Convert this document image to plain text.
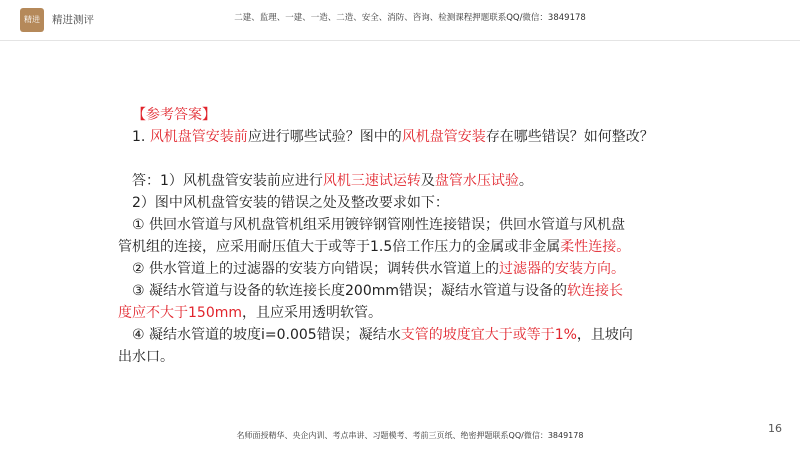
精进	精进测评	二建、监理、一建、一造、二造、安全、消防、咨询、检测课程押题联系QQ/微信：3849178
【参考答案】
1. 风机盘管安装前应进行哪些试验？图中的风机盘管安装存在哪些错误？如何整改？
答：1）风机盘管安装前应进行风机三速试运转及盘管水压试验。
2）图中风机盘管安装的错误之处及整改要求如下：
① 供回水管道与风机盘管机组采用镀锌钢管刚性连接错误；供回水管道与风机盘
管机组的连接，应采用耐压值大于或等于1.5倍工作压力的金属或非金属柔性连接。
② 供水管道上的过滤器的安装方向错误；调转供水管道上的过滤器的安装方向。
③ 凝结水管道与设备的软连接长度200mm错误；凝结水管道与设备的软连接长
度应不大于150mm，且应采用透明软管。
④ 凝结水管道的坡度i=0.005错误；凝结水支管的坡度宜大于或等于1%，且坡向
出水口。
16
名师面授精华、央企内训、考点串讲、习题模考、考前三页纸、绝密押题联系QQ/微信：3849178
